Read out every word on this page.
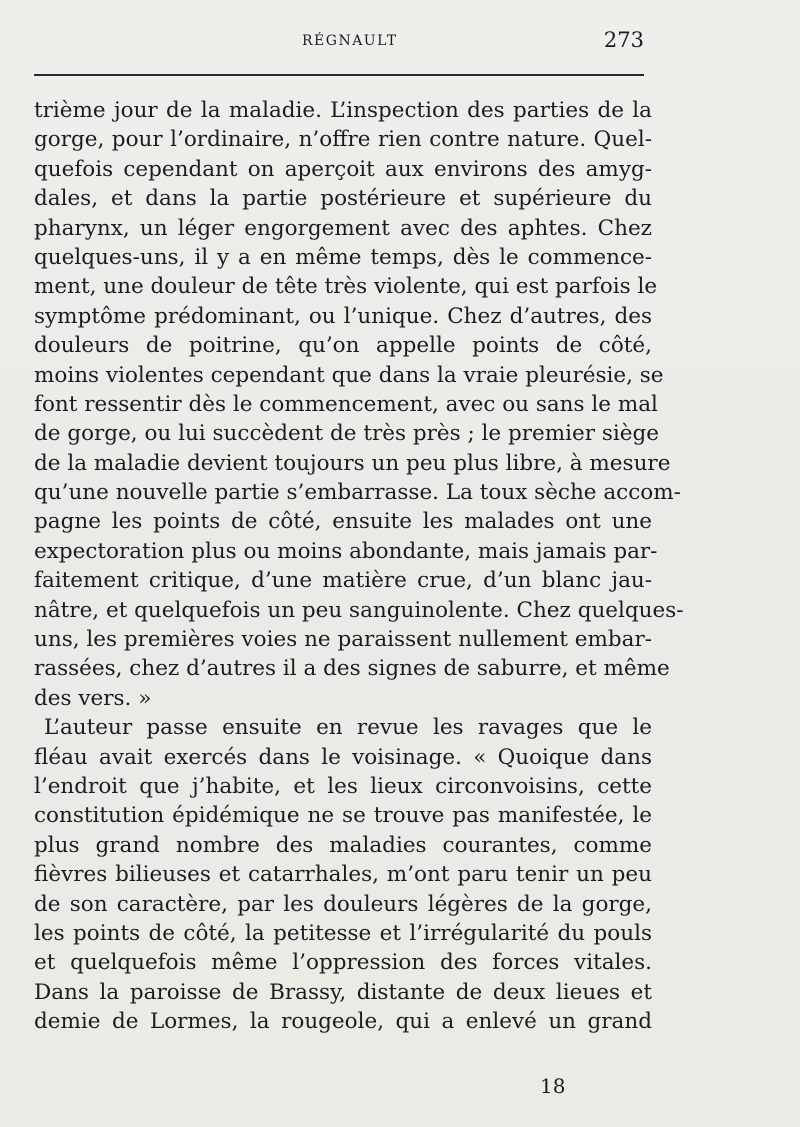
RÉGNAULT	273
trième jour de la maladie. L’inspection des parties de la
gorge, pour l’ordinaire, n’offre rien contre nature. Quel-
quefois cependant on aperçoit aux environs des amyg-
dales, et dans la partie postérieure et supérieure du
pharynx, un léger engorgement avec des aphtes. Chez
quelques-uns, il y a en même temps, dès le commence-
ment, une douleur de tête très violente, qui est parfois le
symptôme prédominant, ou l’unique. Chez d’autres, des
douleurs de poitrine, qu’on appelle points de côté,
moins violentes cependant que dans la vraie pleurésie, se
font ressentir dès le commencement, avec ou sans le mal
de gorge, ou lui succèdent de très près ; le premier siège
de la maladie devient toujours un peu plus libre, à mesure
qu’une nouvelle partie s’embarrasse. La toux sèche accom-
pagne les points de côté, ensuite les malades ont une
expectoration plus ou moins abondante, mais jamais par-
faitement critique, d’une matière crue, d’un blanc jau-
nâtre, et quelquefois un peu sanguinolente. Chez quelques-
uns, les premières voies ne paraissent nullement embar-
rassées, chez d’autres il a des signes de saburre, et même
des vers. »
L’auteur passe ensuite en revue les ravages que le
fléau avait exercés dans le voisinage. « Quoique dans
l’endroit que j’habite, et les lieux circonvoisins, cette
constitution épidémique ne se trouve pas manifestée, le
plus grand nombre des maladies courantes, comme
fièvres bilieuses et catarrhales, m’ont paru tenir un peu
de son caractère, par les douleurs légères de la gorge,
les points de côté, la petitesse et l’irrégularité du pouls
et quelquefois même l’oppression des forces vitales.
Dans la paroisse de Brassy, distante de deux lieues et
demie de Lormes, la rougeole, qui a enlevé un grand
18
